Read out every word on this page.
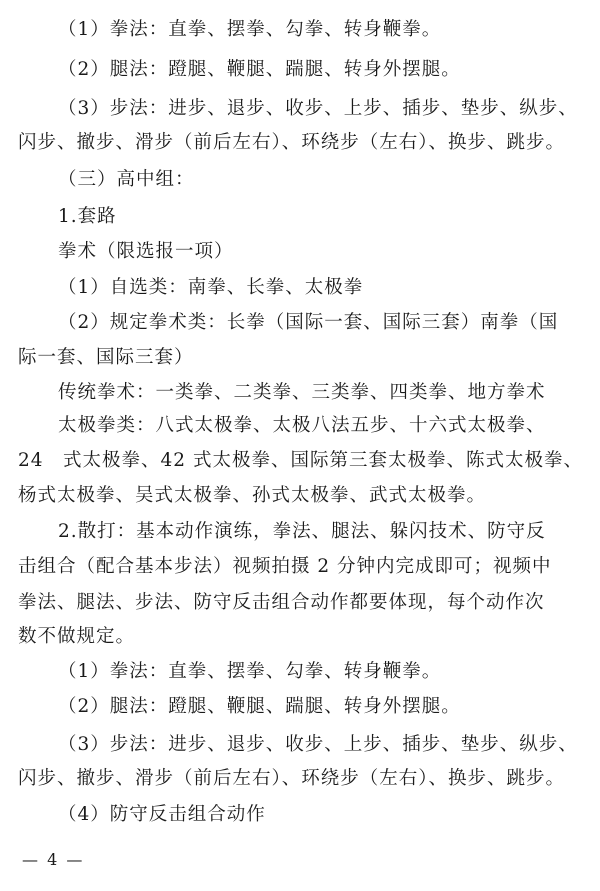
（1）拳法：直拳、摆拳、勾拳、转身鞭拳。
（2）腿法：蹬腿、鞭腿、踹腿、转身外摆腿。
（3）步法：进步、退步、收步、上步、插步、垫步、纵步、
闪步、撤步、滑步（前后左右）、环绕步（左右）、换步、跳步。
（三）高中组：
1.套路
拳术（限选报一项）
（1）自选类：南拳、长拳、太极拳
（2）规定拳术类：长拳（国际一套、国际三套）南拳（国
际一套、国际三套）
传统拳术：一类拳、二类拳、三类拳、四类拳、地方拳术
太极拳类：八式太极拳、太极八法五步、十六式太极拳、
24　式太极拳、42 式太极拳、国际第三套太极拳、陈式太极拳、
杨式太极拳、吴式太极拳、孙式太极拳、武式太极拳。
2.散打：基本动作演练，拳法、腿法、躲闪技术、防守反
击组合（配合基本步法）视频拍摄 2 分钟内完成即可；视频中
拳法、腿法、步法、防守反击组合动作都要体现，每个动作次
数不做规定。
（1）拳法：直拳、摆拳、勾拳、转身鞭拳。
（2）腿法：蹬腿、鞭腿、踹腿、转身外摆腿。
（3）步法：进步、退步、收步、上步、插步、垫步、纵步、
闪步、撤步、滑步（前后左右）、环绕步（左右）、换步、跳步。
（4）防守反击组合动作
— 4 —
